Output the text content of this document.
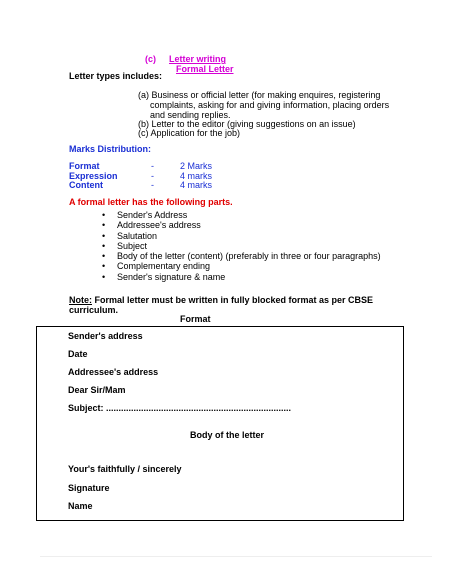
(c) Letter writing
Formal Letter
Letter types includes:
(a) Business or official letter (for making enquires, registering
complaints, asking for and giving information, placing orders
and sending replies.
(b) Letter to the editor (giving suggestions on an issue)
(c) Application for the job)
Marks Distribution:
Format	-	2 Marks
Expression	-	4 marks
Content	-	4 marks
A formal letter has the following parts.
• Sender's Address
• Addressee's address
• Salutation
• Subject
• Body of the letter (content) (preferably in three or four paragraphs)
• Complementary ending
• Sender's signature & name
Note: Formal letter must be written in fully blocked format as per CBSE
curriculum.
Format
Sender's address
Date
Addressee's address
Dear Sir/Mam
Subject: ..........................................................................
Body of the letter
Your's faithfully / sincerely
Signature
Name
